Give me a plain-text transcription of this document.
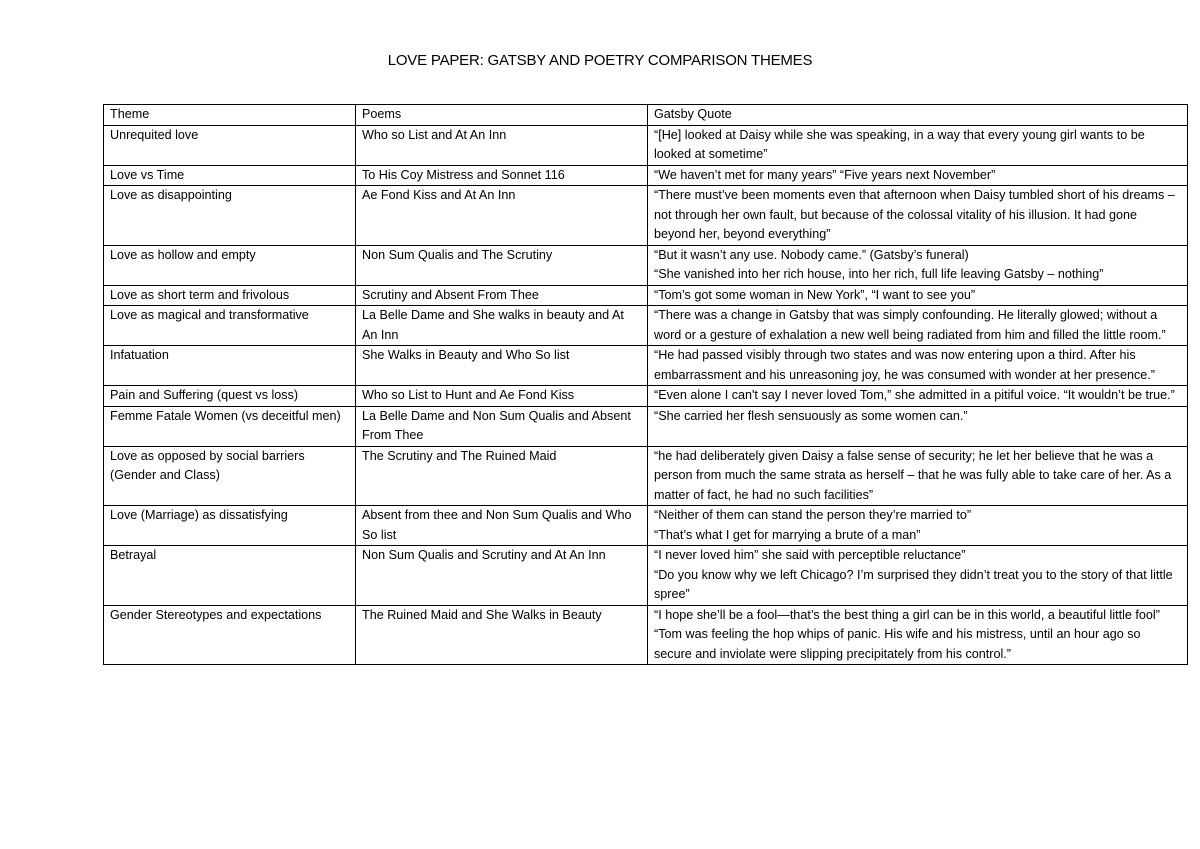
LOVE PAPER: GATSBY AND POETRY COMPARISON THEMES
Theme	Poems	Gatsby Quote
Unrequited love	Who so List and At An Inn	“[He] looked at Daisy while she was speaking, in a way that every young girl wants to be looked at sometime”

Love vs Time	To His Coy Mistress and Sonnet 116	“We haven’t met for many years” “Five years next November”

Love as disappointing	Ae Fond Kiss and At An Inn	“There must’ve been moments even that afternoon when Daisy tumbled short of his dreams – not through her own fault, but because of the colossal vitality of his illusion. It had gone beyond her, beyond everything”

Love as hollow and empty	Non Sum Qualis and The Scrutiny	“But it wasn’t any use. Nobody came.” (Gatsby’s funeral)
“She vanished into her rich house, into her rich, full life leaving Gatsby – nothing”

Love as short term and frivolous	Scrutiny and Absent From Thee	“Tom’s got some woman in New York”, “I want to see you”

Love as magical and transformative	La Belle Dame and She walks in beauty and At An Inn	“There was a change in Gatsby that was simply confounding. He literally glowed; without a word or a gesture of exhalation a new well being radiated from him and filled the little room.”

Infatuation	She Walks in Beauty and Who So list	“He had passed visibly through two states and was now entering upon a third. After his embarrassment and his unreasoning joy, he was consumed with wonder at her presence.”

Pain and Suffering (quest vs loss)	Who so List to Hunt and Ae Fond Kiss	“Even alone I can't say I never loved Tom,” she admitted in a pitiful voice. “It wouldn’t be true.”

Femme Fatale Women (vs deceitful men)	La Belle Dame and Non Sum Qualis and Absent From Thee	“She carried her flesh sensuously as some women can.”

Love as opposed by social barriers (Gender and Class)	The Scrutiny and The Ruined Maid	“he had deliberately given Daisy a false sense of security; he let her believe that he was a person from much the same strata as herself – that he was fully able to take care of her. As a matter of fact, he had no such facilities”

Love (Marriage) as dissatisfying	Absent from thee and Non Sum Qualis and Who So list	“Neither of them can stand the person they’re married to”
“That’s what I get for marrying a brute of a man”

Betrayal	Non Sum Qualis and Scrutiny and At An Inn	“I never loved him” she said with perceptible reluctance”
“Do you know why we left Chicago? I’m surprised they didn’t treat you to the story of that little spree”

Gender Stereotypes and expectations	The Ruined Maid and She Walks in Beauty	“I hope she’ll be a fool—that’s the best thing a girl can be in this world, a beautiful little fool”
“Tom was feeling the hop whips of panic. His wife and his mistress, until an hour ago so secure and inviolate were slipping precipitately from his control.”
